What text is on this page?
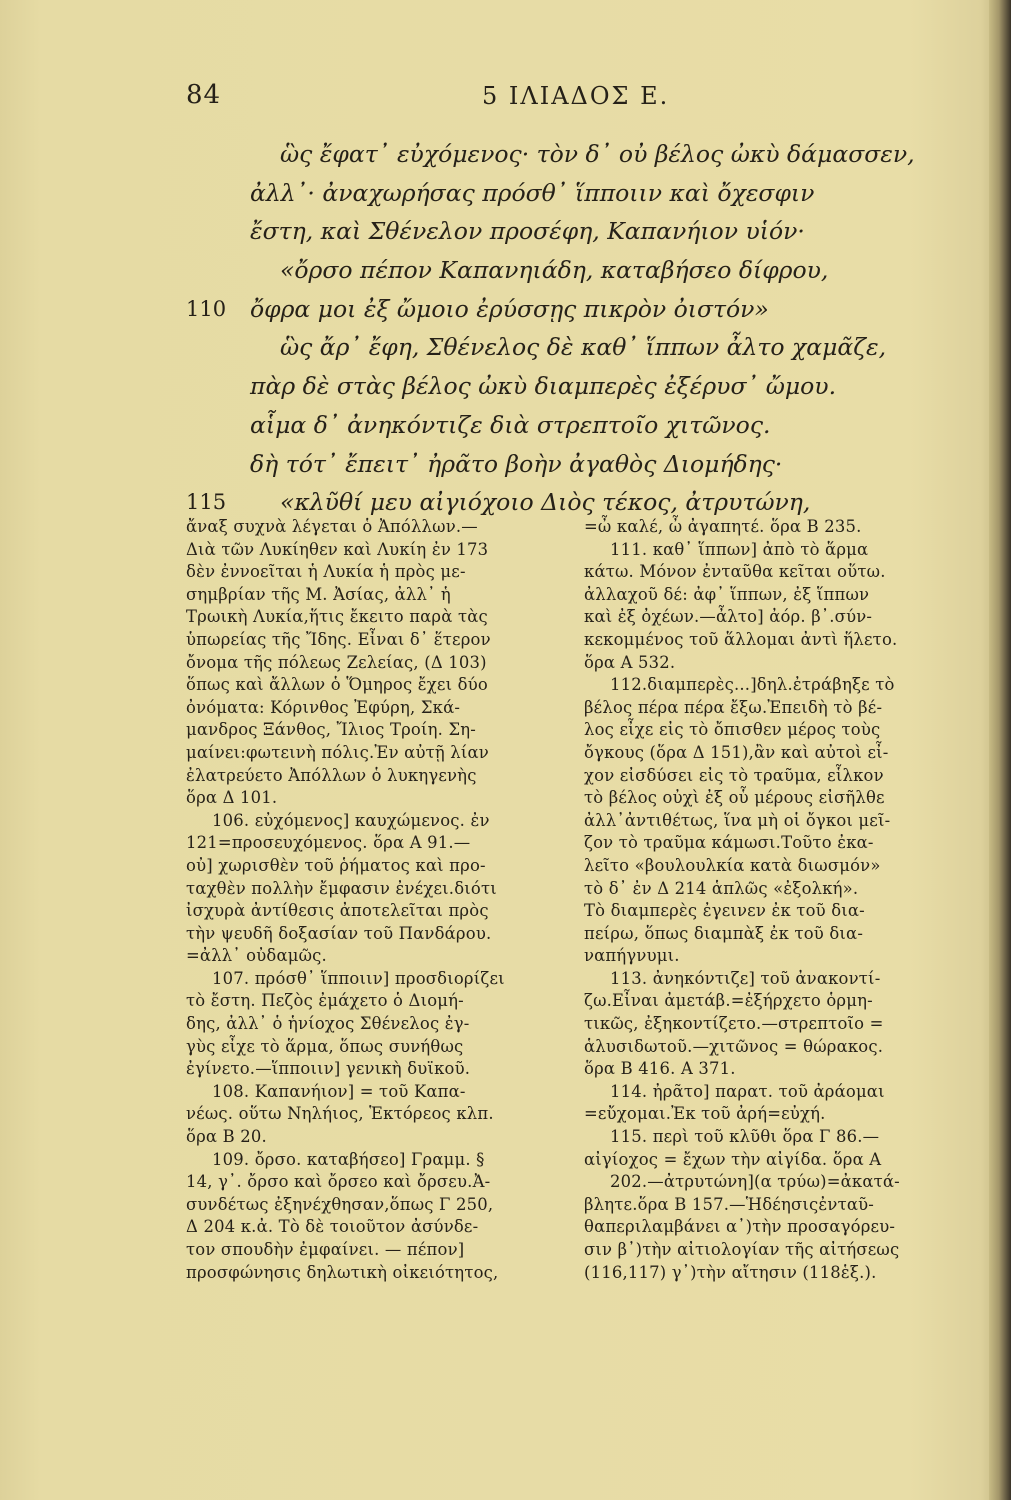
84	5 ΙΛΙΑΔΟΣ Ε.
ὣς ἔφατ᾽ εὐχόμενος· τὸν δ᾽ οὐ βέλος ὠκὺ δάμασσεν,
ἀλλ᾽· ἀναχωρήσας πρόσθ᾽ ἵπποιιν καὶ ὄχεσφιν
ἔστη, καὶ Σθένελον προσέφη, Καπανήιον υἱόν·
«ὄρσο πέπον Καπανηιάδη, καταβήσεο δίφρου,
110 ὄφρα μοι ἐξ ὤμοιο ἐρύσσῃς πικρὸν ὀιστόν»
ὣς ἄρ᾽ ἔφη, Σθένελος δὲ καθ᾽ ἵππων ἆλτο χαμᾶζε,
πὰρ δὲ στὰς βέλος ὠκὺ διαμπερὲς ἐξέρυσ᾽ ὤμου.
αἷμα δ᾽ ἀνηκόντιζε διὰ στρεπτοῖο χιτῶνος.
δὴ τότ᾽ ἔπειτ᾽ ἠρᾶτο βοὴν ἀγαθὸς Διομήδης·
115 «κλῦθί μευ αἰγιόχοιο Διὸς τέκος, ἀτρυτώνη,
ἄναξ συχνὰ λέγεται ὁ Ἀπόλλων.—
Διὰ τῶν Λυκίηθεν καὶ Λυκίη ἐν 173
δὲν ἐννοεῖται ἡ Λυκία ἡ πρὸς με-
σημβρίαν τῆς Μ. Ἀσίας, ἀλλ᾽ ἡ
Τρωικὴ Λυκία,ἥτις ἔκειτο παρὰ τὰς
ὑπωρείας τῆς Ἴδης. Εἶναι δ᾽ ἕτερον
ὄνομα τῆς πόλεως Ζελείας, (Δ 103)
ὅπως καὶ ἄλλων ὁ Ὅμηρος ἔχει δύο
ὀνόματα: Κόρινθος Ἐφύρη, Σκά-
μανδρος Ξάνθος, Ἴλιος Τροίη. Ση-
μαίνει:φωτεινὴ πόλις.Ἐν αὐτῇ λίαν
ἐλατρεύετο Ἀπόλλων ὁ λυκηγενὴς
ὅρα Δ 101.
106. εὐχόμενος] καυχώμενος. ἐν
121=προσευχόμενος. ὅρα Α 91.—
οὐ] χωρισθὲν τοῦ ῥήματος καὶ προ-
ταχθὲν πολλὴν ἔμφασιν ἐνέχει.διότι
ἰσχυρὰ ἀντίθεσις ἀποτελεῖται πρὸς
τὴν ψευδῆ δοξασίαν τοῦ Πανδάρου.
=ἀλλ᾽ οὐδαμῶς.
107. πρόσθ᾽ ἵπποιιν] προσδιορίζει
τὸ ἔστη. Πεζὸς ἐμάχετο ὁ Διομή-
δης, ἀλλ᾽ ὁ ἡνίοχος Σθένελος ἐγ-
γὺς εἶχε τὸ ἅρμα, ὅπως συνήθως
ἐγίνετο.—ἵπποιιν] γενικὴ δυϊκοῦ.
108. Καπανήιον] = τοῦ Καπα-
νέως. οὕτω Νηλήιος, Ἑκτόρεος κλπ.
ὅρα Β 20.
109. ὄρσο. καταβήσεο] Γραμμ. §
14, γ᾽. ὄρσο καὶ ὄρσεο καὶ ὄρσευ.Ἀ-
συνδέτως ἐξηνέχθησαν,ὅπως Γ 250,
Δ 204 κ.ἀ. Τὸ δὲ τοιοῦτον ἀσύνδε-
τον σπουδὴν ἐμφαίνει. — πέπον]
προσφώνησις δηλωτικὴ οἰκειότητος,
=ὦ καλέ, ὦ ἀγαπητέ. ὅρα Β 235.
111. καθ᾽ ἵππων] ἀπὸ τὸ ἅρμα
κάτω. Μόνον ἐνταῦθα κεῖται οὕτω.
ἀλλαχοῦ δέ: ἀφ᾽ ἵππων, ἐξ ἵππων
καὶ ἐξ ὀχέων.—ἆλτο] ἀόρ. β᾽.σύν-
κεκομμένος τοῦ ἅλλομαι ἀντὶ ἥλετο.
ὅρα Α 532.
112.διαμπερὲς...]δηλ.ἐτράβηξε τὸ
βέλος πέρα πέρα ἔξω.Ἐπειδὴ τὸ βέ-
λος εἶχε εἰς τὸ ὄπισθεν μέρος τοὺς
ὄγκους (ὅρα Δ 151),ἂν καὶ αὐτοὶ εἶ-
χον εἰσδύσει εἰς τὸ τραῦμα, εἷλκον
τὸ βέλος οὐχὶ ἐξ οὗ μέρους εἰσῆλθε
ἀλλ᾽ἀντιθέτως, ἵνα μὴ οἱ ὄγκοι μεῖ-
ζον τὸ τραῦμα κάμωσι.Τοῦτο ἐκα-
λεῖτο «βουλουλκία κατὰ διωσμόν»
τὸ δ᾽ ἐν Δ 214 ἁπλῶς «ἐξολκή».
Τὸ διαμπερὲς ἐγεινεν ἐκ τοῦ δια-
πείρω, ὅπως διαμπὰξ ἐκ τοῦ δια-
ναπήγνυμι.
113. ἀνηκόντιζε] τοῦ ἀνακοντί-
ζω.Εἶναι ἀμετάβ.=ἐξήρχετο ὁρμη-
τικῶς, ἐξηκοντίζετο.—στρεπτοῖο =
ἁλυσιδωτοῦ.—χιτῶνος = θώρακος.
ὅρα Β 416. Α 371.
114. ἠρᾶτο] παρατ. τοῦ ἀράομαι
=εὔχομαι.Ἐκ τοῦ ἀρή=εὐχή.
115. περὶ τοῦ κλῦθι ὅρα Γ 86.—
αἰγίοχος = ἔχων τὴν αἰγίδα. ὅρα Α
202.—ἀτρυτώνη](α τρύω)=ἀκατά-
βλητε.ὅρα Β 157.—Ἡδέησιςἐνταῦ-
θαπεριλαμβάνει α᾽)τὴν προσαγόρευ-
σιν β᾽)τὴν αἰτιολογίαν τῆς αἰτήσεως
(116,117) γ᾽)τὴν αἴτησιν (118ἑξ.).
